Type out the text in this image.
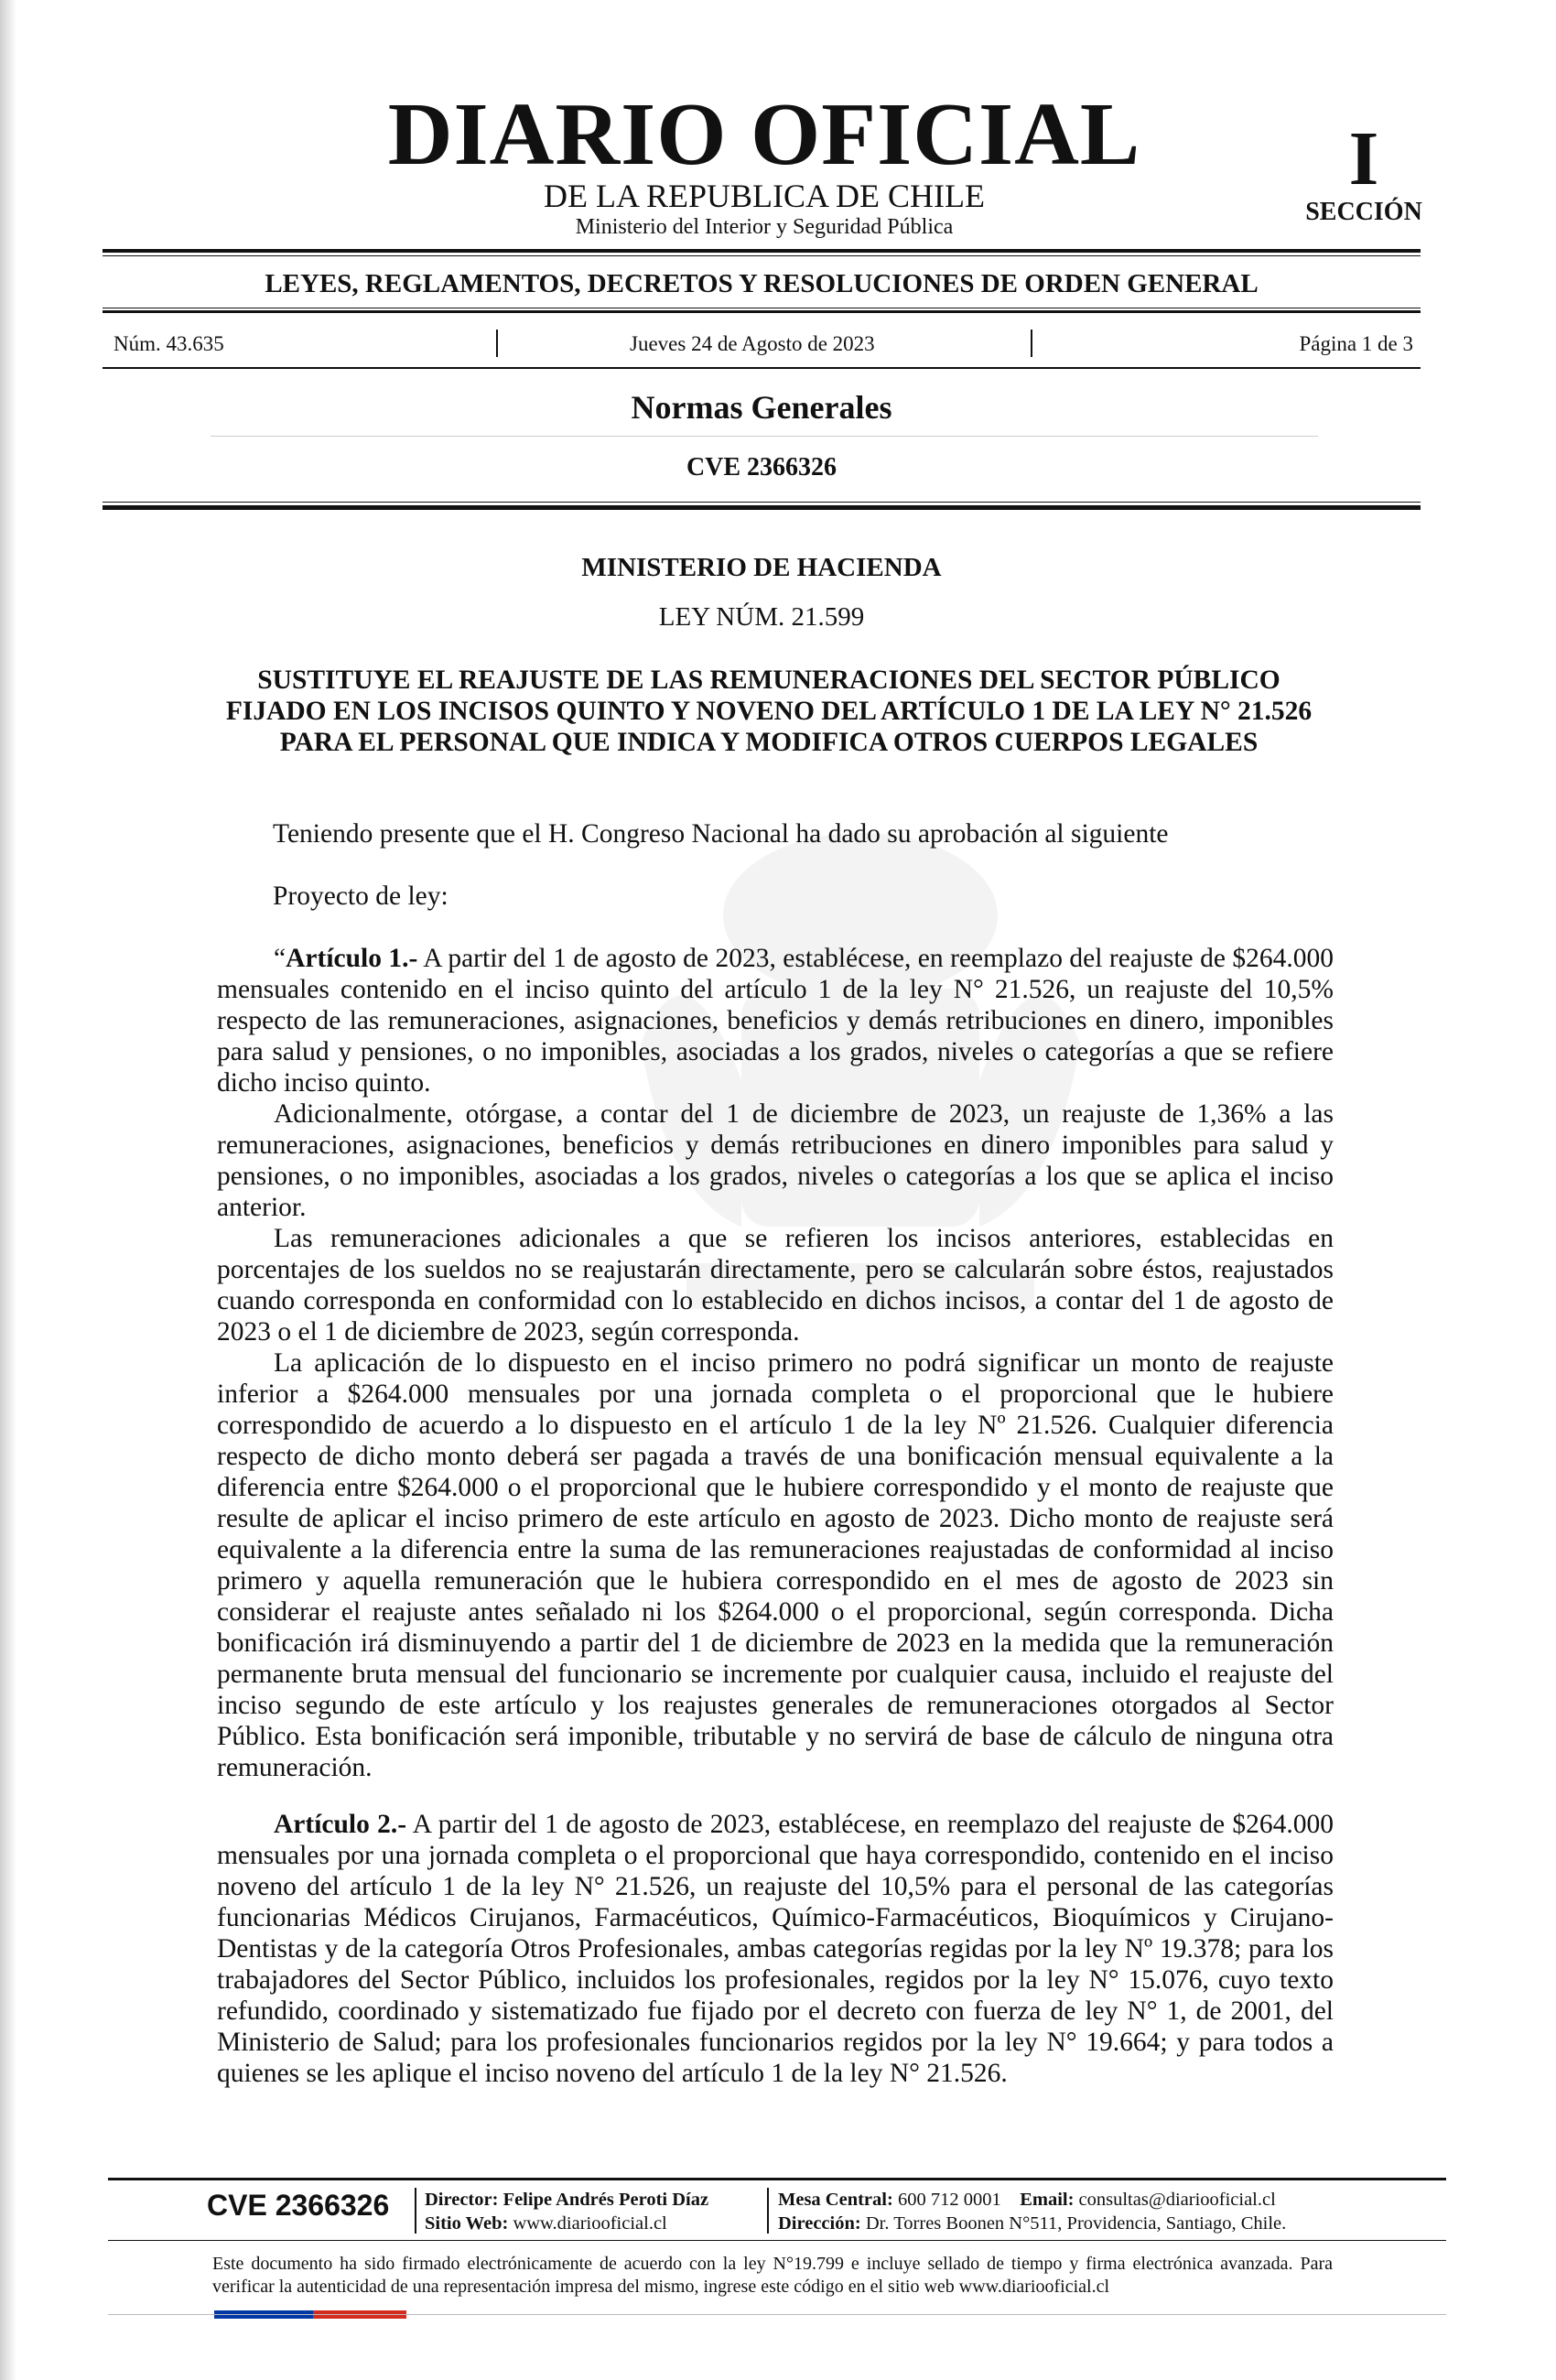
DIARIO OFICIAL
DE LA REPUBLICA DE CHILE
Ministerio del Interior y Seguridad Pública
I
SECCIÓN
LEYES, REGLAMENTOS, DECRETOS Y RESOLUCIONES DE ORDEN GENERAL
Núm. 43.635	Jueves 24 de Agosto de 2023	Página 1 de 3
Normas Generales
CVE 2366326
MINISTERIO DE HACIENDA
LEY NÚM. 21.599
SUSTITUYE EL REAJUSTE DE LAS REMUNERACIONES DEL SECTOR PÚBLICO FIJADO EN LOS INCISOS QUINTO Y NOVENO DEL ARTÍCULO 1 DE LA LEY N° 21.526 PARA EL PERSONAL QUE INDICA Y MODIFICA OTROS CUERPOS LEGALES
Teniendo presente que el H. Congreso Nacional ha dado su aprobación al siguiente
Proyecto de ley:

“Artículo 1.- A partir del 1 de agosto de 2023, establécese, en reemplazo del reajuste de $264.000 mensuales contenido en el inciso quinto del artículo 1 de la ley N° 21.526, un reajuste del 10,5% respecto de las remuneraciones, asignaciones, beneficios y demás retribuciones en dinero, imponibles para salud y pensiones, o no imponibles, asociadas a los grados, niveles o categorías a que se refiere dicho inciso quinto.

Adicionalmente, otórgase, a contar del 1 de diciembre de 2023, un reajuste de 1,36% a las remuneraciones, asignaciones, beneficios y demás retribuciones en dinero imponibles para salud y pensiones, o no imponibles, asociadas a los grados, niveles o categorías a los que se aplica el inciso anterior.

Las remuneraciones adicionales a que se refieren los incisos anteriores, establecidas en porcentajes de los sueldos no se reajustarán directamente, pero se calcularán sobre éstos, reajustados cuando corresponda en conformidad con lo establecido en dichos incisos, a contar del 1 de agosto de 2023 o el 1 de diciembre de 2023, según corresponda.

La aplicación de lo dispuesto en el inciso primero no podrá significar un monto de reajuste inferior a $264.000 mensuales por una jornada completa o el proporcional que le hubiere correspondido de acuerdo a lo dispuesto en el artículo 1 de la ley Nº 21.526. Cualquier diferencia respecto de dicho monto deberá ser pagada a través de una bonificación mensual equivalente a la diferencia entre $264.000 o el proporcional que le hubiere correspondido y el monto de reajuste que resulte de aplicar el inciso primero de este artículo en agosto de 2023. Dicho monto de reajuste será equivalente a la diferencia entre la suma de las remuneraciones reajustadas de conformidad al inciso primero y aquella remuneración que le hubiera correspondido en el mes de agosto de 2023 sin considerar el reajuste antes señalado ni los $264.000 o el proporcional, según corresponda. Dicha bonificación irá disminuyendo a partir del 1 de diciembre de 2023 en la medida que la remuneración permanente bruta mensual del funcionario se incremente por cualquier causa, incluido el reajuste del inciso segundo de este artículo y los reajustes generales de remuneraciones otorgados al Sector Público. Esta bonificación será imponible, tributable y no servirá de base de cálculo de ninguna otra remuneración.

Artículo 2.- A partir del 1 de agosto de 2023, establécese, en reemplazo del reajuste de $264.000 mensuales por una jornada completa o el proporcional que haya correspondido, contenido en el inciso noveno del artículo 1 de la ley N° 21.526, un reajuste del 10,5% para el personal de las categorías funcionarias Médicos Cirujanos, Farmacéuticos, Químico-Farmacéuticos, Bioquímicos y Cirujano-Dentistas y de la categoría Otros Profesionales, ambas categorías regidas por la ley Nº 19.378; para los trabajadores del Sector Público, incluidos los profesionales, regidos por la ley N° 15.076, cuyo texto refundido, coordinado y sistematizado fue fijado por el decreto con fuerza de ley N° 1, de 2001, del Ministerio de Salud; para los profesionales funcionarios regidos por la ley N° 19.664; y para todos a quienes se les aplique el inciso noveno del artículo 1 de la ley N° 21.526.

CVE 2366326	Director: Felipe Andrés Peroti Díaz
Sitio Web: www.diariooficial.cl
Mesa Central: 600 712 0001 Email: consultas@diariooficial.cl
Dirección: Dr. Torres Boonen N°511, Providencia, Santiago, Chile.

Este documento ha sido firmado electrónicamente de acuerdo con la ley N°19.799 e incluye sellado de tiempo y firma electrónica avanzada. Para verificar la autenticidad de una representación impresa del mismo, ingrese este código en el sitio web www.diariooficial.cl
